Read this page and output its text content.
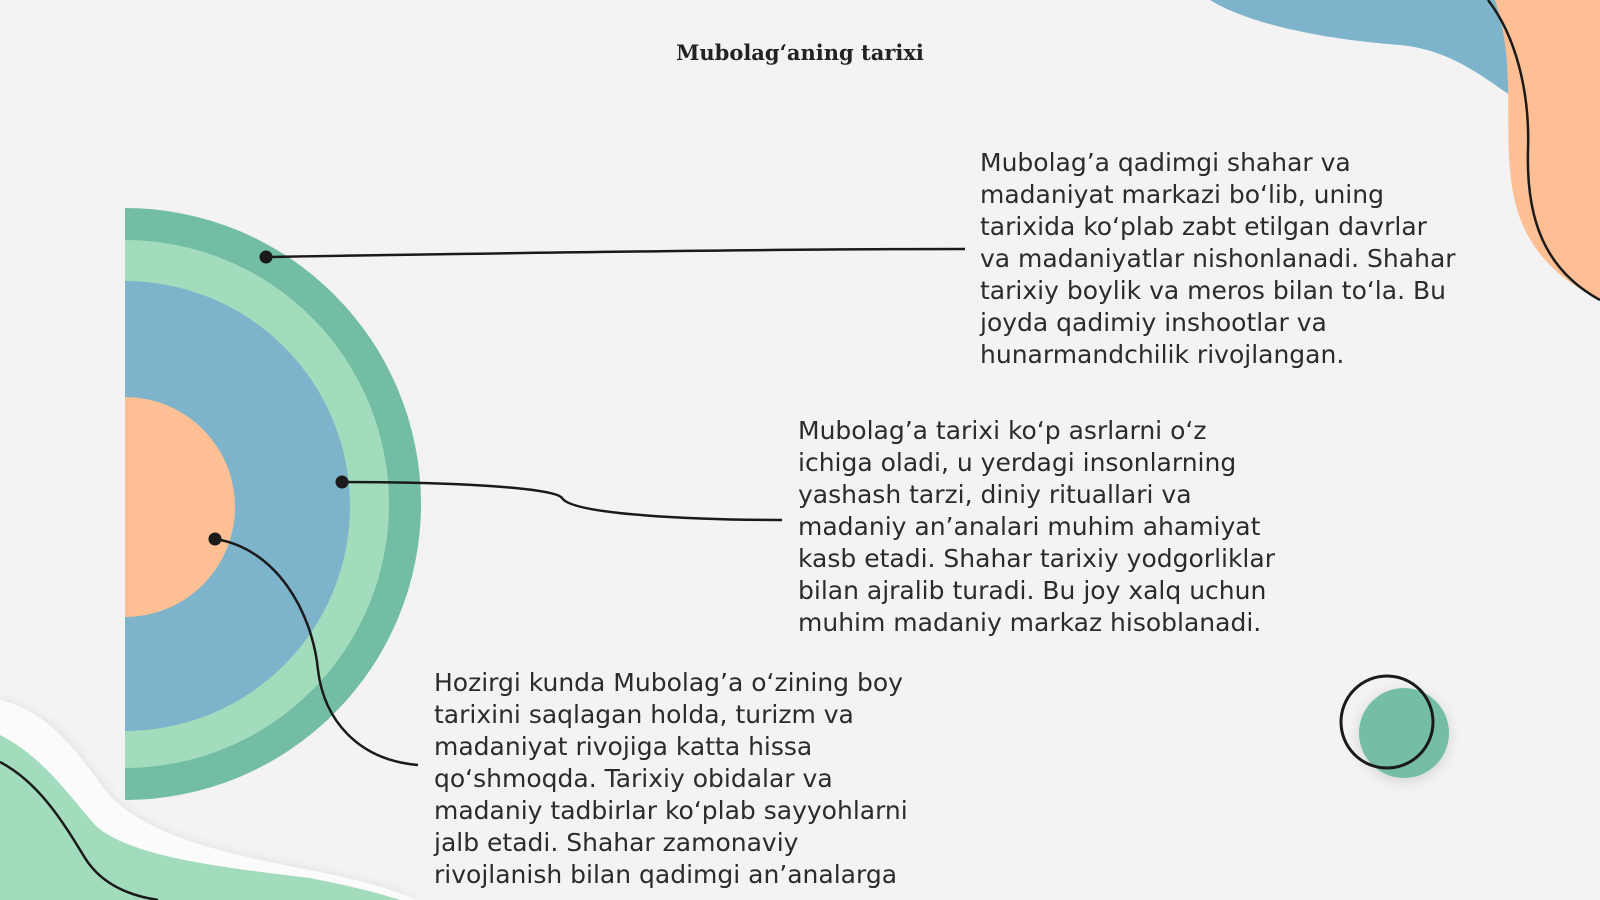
Mubolagʻaning tarixi

Mubolag’a qadimgi shahar va madaniyat markazi bo‘lib, uning tarixida ko‘plab zabt etilgan davrlar va madaniyatlar nishonlanadi. Shahar tarixiy boylik va meros bilan to‘la. Bu joyda qadimiy inshootlar va hunarmandchilik rivojlangan.

Mubolag’a tarixi ko‘p asrlarni o‘z ichiga oladi, u yerdagi insonlarning yashash tarzi, diniy rituallari va madaniy an’analari muhim ahamiyat kasb etadi. Shahar tarixiy yodgorliklar bilan ajralib turadi. Bu joy xalq uchun muhim madaniy markaz hisoblanadi.

Hozirgi kunda Mubolag’a o‘zining boy tarixini saqlagan holda, turizm va madaniyat rivojiga katta hissa qo‘shmoqda. Tarixiy obidalar va madaniy tadbirlar ko‘plab sayyohlarni jalb etadi. Shahar zamonaviy rivojlanish bilan qadimgi an’analarga
